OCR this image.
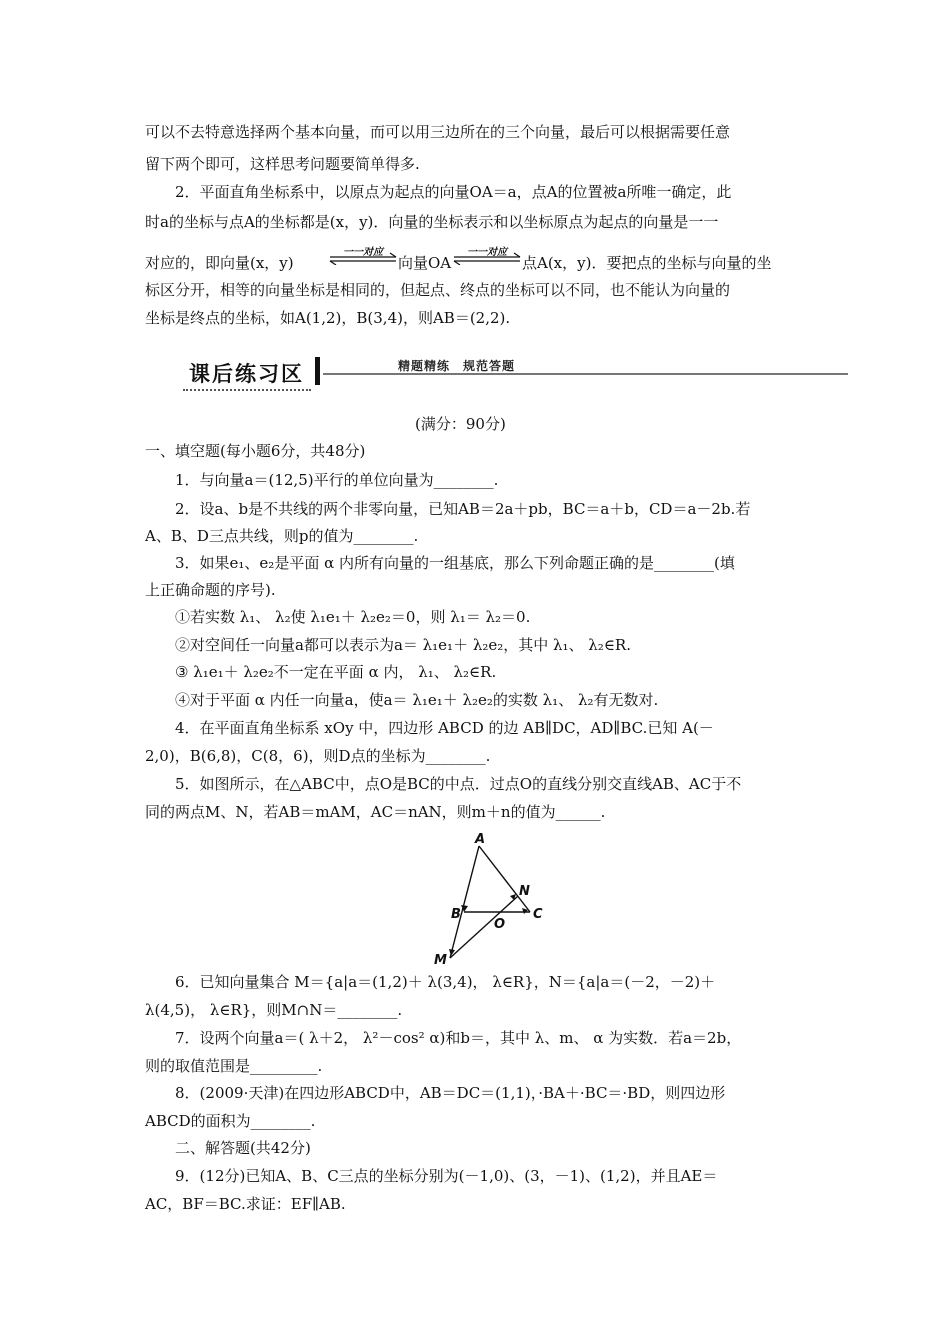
可以不去特意选择两个基本向量，而可以用三边所在的三个向量，最后可以根据需要任意
留下两个即可，这样思考问题要简单得多.
2．平面直角坐标系中，以原点为起点的向量OA＝a，点A的位置被a所唯一确定，此
时a的坐标与点A的坐标都是(x，y)．向量的坐标表示和以坐标原点为起点的向量是一一
对应的，即向量(x，y)
一一对应
向量OA
一一对应
点A(x，y)．要把点的坐标与向量的坐
标区分开，相等的向量坐标是相同的，但起点、终点的坐标可以不同，也不能认为向量的
坐标是终点的坐标，如A(1,2)，B(3,4)，则AB＝(2,2).
课后练习区	精题精练　规范答题
(满分：90分)
一、填空题(每小题6分，共48分)
1．与向量a＝(12,5)平行的单位向量为________.
2．设a、b是不共线的两个非零向量，已知AB＝2a＋pb，BC＝a＋b，CD＝a－2b.若
A、B、D三点共线，则p的值为________.
3．如果e₁、e₂是平面 α 内所有向量的一组基底，那么下列命题正确的是________(填
上正确命题的序号).
①若实数 λ₁、 λ₂使 λ₁e₁＋ λ₂e₂＝0，则 λ₁＝ λ₂＝0.
②对空间任一向量a都可以表示为a＝ λ₁e₁＋ λ₂e₂，其中 λ₁、 λ₂∈R.
③ λ₁e₁＋ λ₂e₂不一定在平面 α 内， λ₁、 λ₂∈R.
④对于平面 α 内任一向量a，使a＝ λ₁e₁＋ λ₂e₂的实数 λ₁、 λ₂有无数对.
4．在平面直角坐标系 xOy 中，四边形 ABCD 的边 AB∥DC，AD∥BC.已知 A(－
2,0)，B(6,8)，C(8，6)，则D点的坐标为________.
5．如图所示，在△ABC中，点O是BC的中点．过点O的直线分别交直线AB、AC于不
同的两点M、N，若AB＝mAM，AC＝nAN，则m＋n的值为______.
A
N
B
O
C
M
6．已知向量集合 M＝{a|a＝(1,2)＋ λ(3,4)， λ∈R}，N＝{a|a＝(－2，－2)＋
λ(4,5)， λ∈R}，则M∩N＝________.
7．设两个向量a＝( λ＋2， λ²－cos² α)和b＝，其中 λ、m、 α 为实数．若a＝2b，
则的取值范围是_________.
8．(2009·天津)在四边形ABCD中，AB＝DC＝(1,1)，·BA＋·BC＝·BD，则四边形
ABCD的面积为________.
二、解答题(共42分)
9．(12分)已知A、B、C三点的坐标分别为(－1,0)、(3，－1)、(1,2)，并且AE＝
AC，BF＝BC.求证：EF∥AB.
